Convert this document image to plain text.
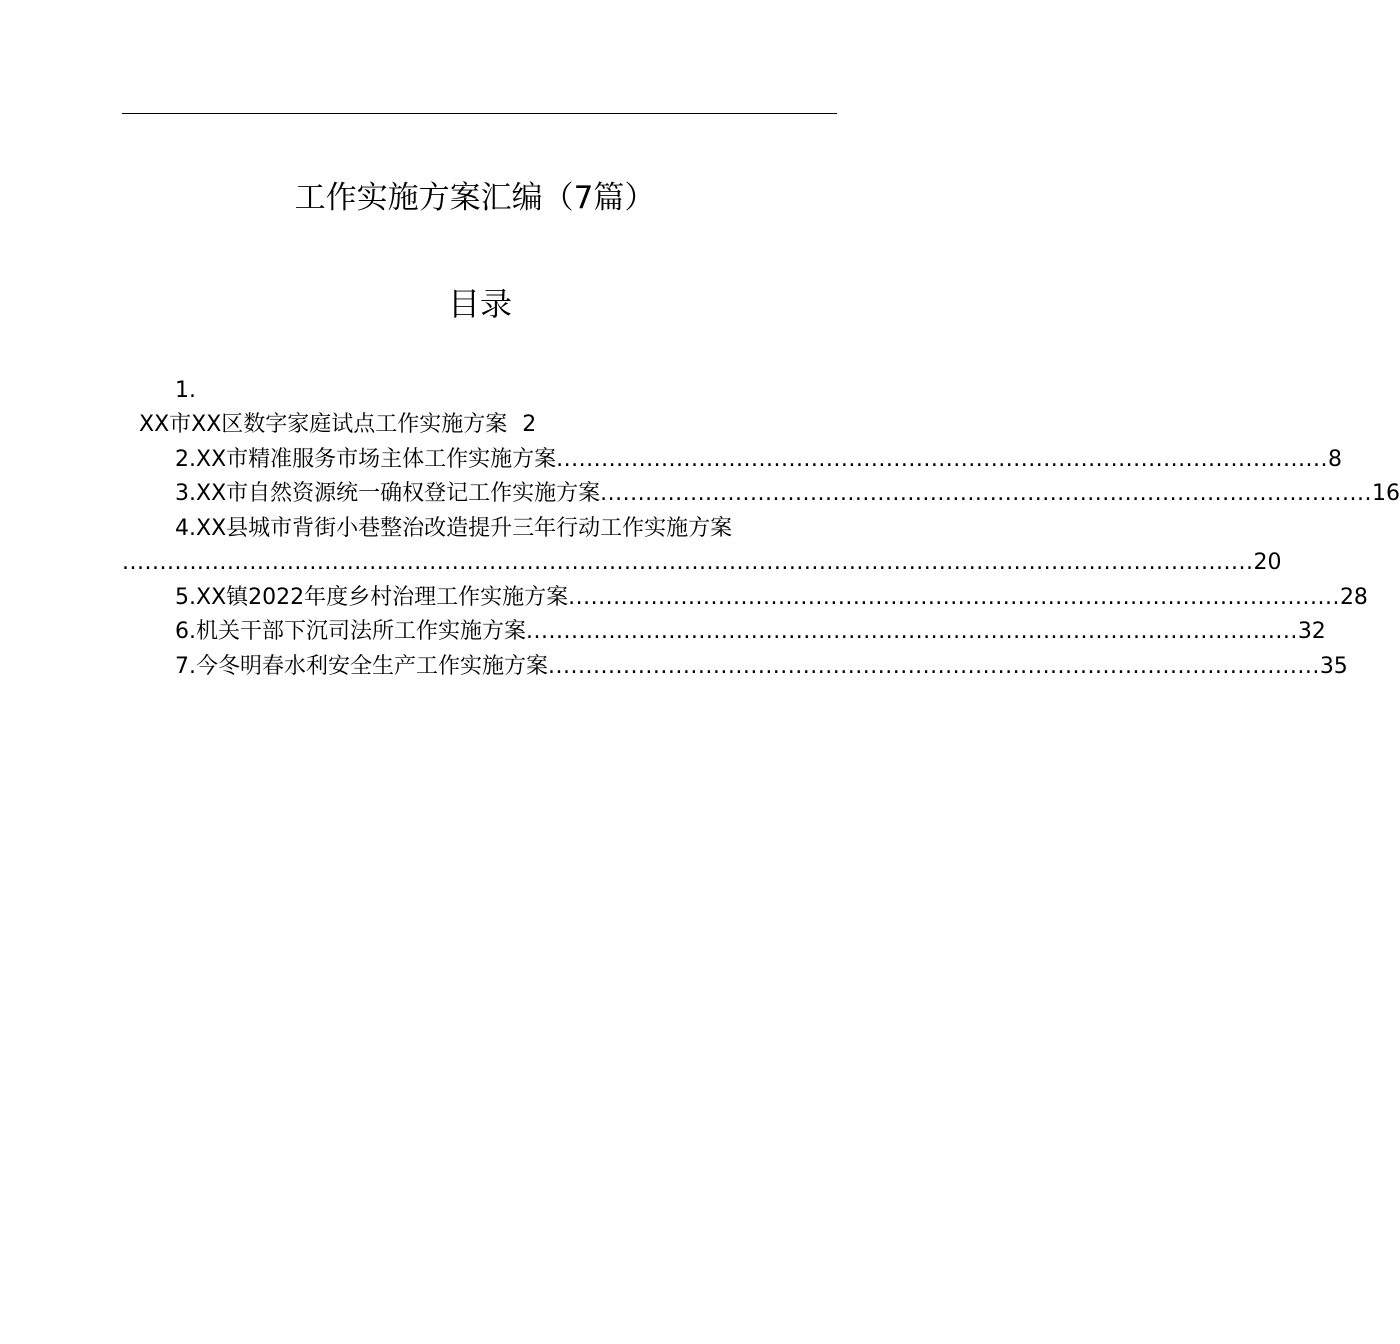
工作实施方案汇编（7篇）
目录
1.
XX市XX区数字家庭试点工作实施方案 2
2. XX市精准服务市场主体工作实施方案 ....................................................................................................... 8
3. XX市自然资源统一确权登记工作实施方案 ....................................................................................................... 16
4.XX县城市背街小巷整治改造提升三年行动工作实施方案
....................................................................................................................................................... 20
5. XX镇2022年度乡村治理工作实施方案 ....................................................................................................... 28
6. 机关干部下沉司法所工作实施方案 ....................................................................................................... 32
7. 今冬明春水利安全生产工作实施方案 ....................................................................................................... 35
